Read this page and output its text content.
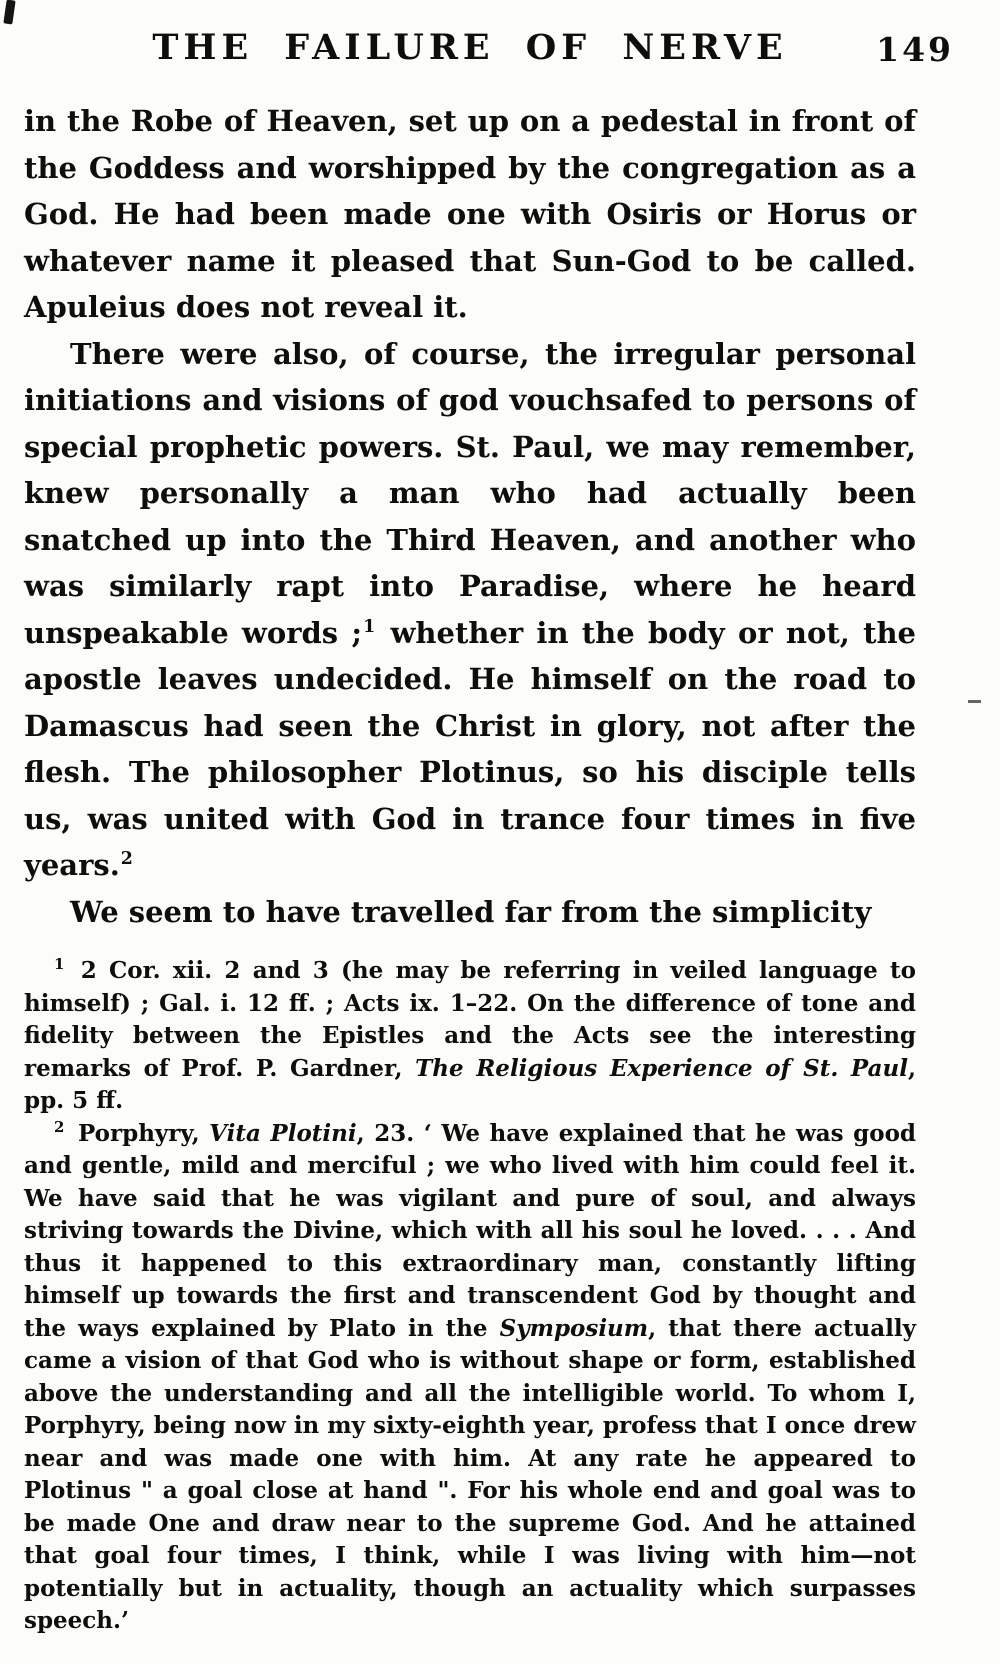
THE FAILURE OF NERVE	149

in the Robe of Heaven, set up on a pedestal in front of the Goddess and worshipped by the congregation as a God. He had been made one with Osiris or Horus or whatever name it pleased that Sun-God to be called. Apuleius does not reveal it.

There were also, of course, the irregular personal initiations and visions of god vouchsafed to persons of special prophetic powers. St. Paul, we may remember, knew personally a man who had actually been snatched up into the Third Heaven, and another who was similarly rapt into Paradise, where he heard unspeakable words ;$^1$ whether in the body or not, the apostle leaves undecided. He himself on the road to Damascus had seen the Christ in glory, not after the flesh. The philosopher Plotinus, so his disciple tells us, was united with God in trance four times in five years.$^2$

We seem to have travelled far from the simplicity

$^1$ 2 Cor. xii. 2 and 3 (he may be referring in veiled language to himself) ; Gal. i. 12 ff. ; Acts ix. 1–22. On the difference of tone and fidelity between the Epistles and the Acts see the interesting remarks of Prof. P. Gardner, The Religious Experience of St. Paul, pp. 5 ff.

$^2$ Porphyry, Vita Plotini, 23. ‘ We have explained that he was good and gentle, mild and merciful ; we who lived with him could feel it. We have said that he was vigilant and pure of soul, and always striving towards the Divine, which with all his soul he loved. . . . And thus it happened to this extraordinary man, constantly lifting himself up towards the first and transcendent God by thought and the ways explained by Plato in the Symposium, that there actually came a vision of that God who is without shape or form, established above the understanding and all the intelligible world. To whom I, Porphyry, being now in my sixty-eighth year, profess that I once drew near and was made one with him. At any rate he appeared to Plotinus " a goal close at hand ". For his whole end and goal was to be made One and draw near to the supreme God. And he attained that goal four times, I think, while I was living with him—not potentially but in actuality, though an actuality which surpasses speech.’
